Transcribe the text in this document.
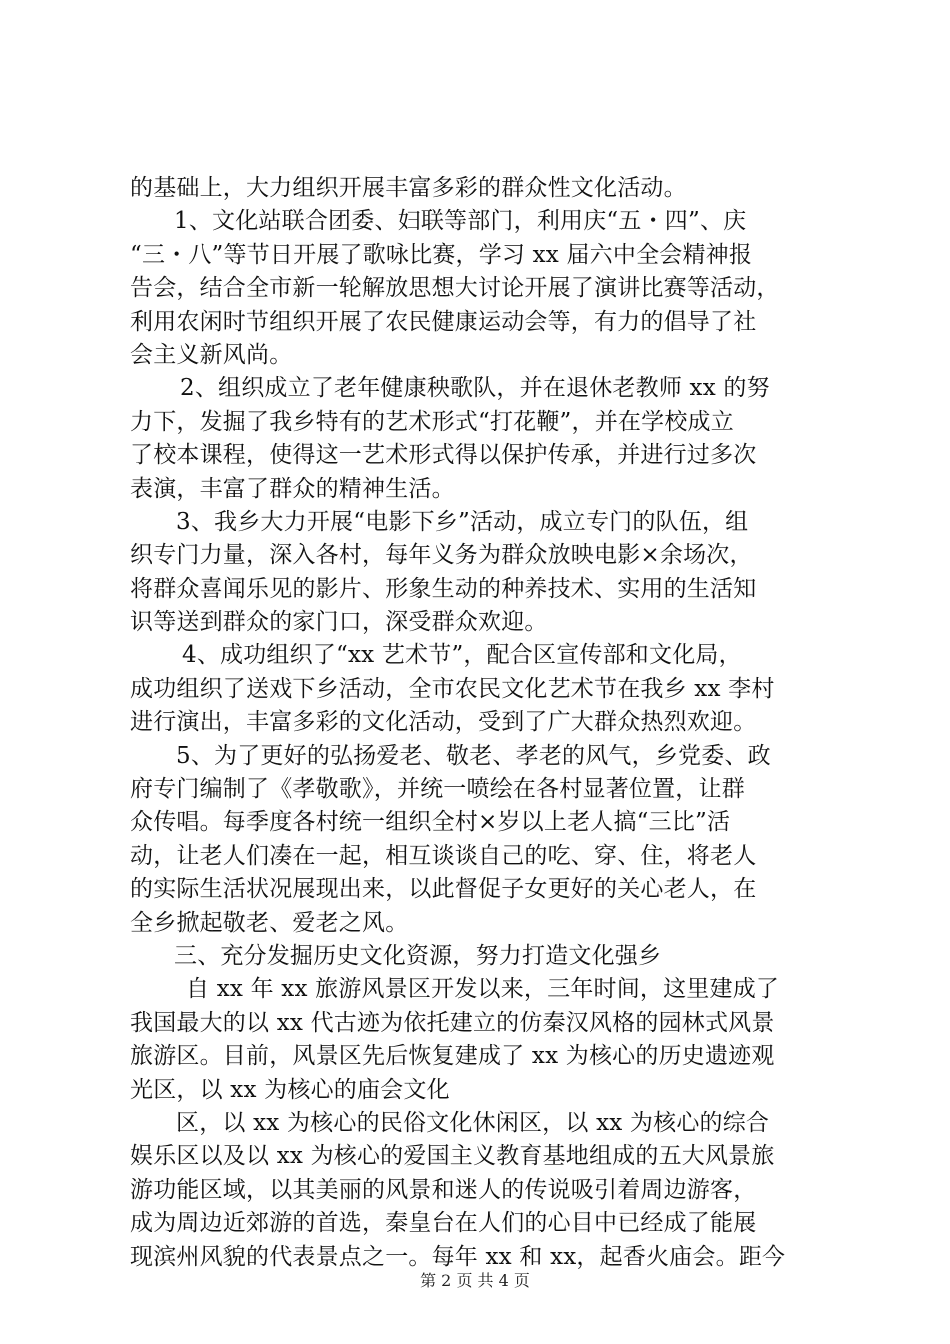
的基础上，大力组织开展丰富多彩的群众性文化活动。
1、文化站联合团委、妇联等部门，利用庆“五・四”、庆
“三・八”等节日开展了歌咏比赛，学习 xx 届六中全会精神报
告会，结合全市新一轮解放思想大讨论开展了演讲比赛等活动，
利用农闲时节组织开展了农民健康运动会等，有力的倡导了社
会主义新风尚。
2、组织成立了老年健康秧歌队，并在退休老教师 xx 的努
力下，发掘了我乡特有的艺术形式“打花鞭”，并在学校成立
了校本课程，使得这一艺术形式得以保护传承，并进行过多次
表演，丰富了群众的精神生活。
3、我乡大力开展“电影下乡”活动，成立专门的队伍，组
织专门力量，深入各村，每年义务为群众放映电影×余场次，
将群众喜闻乐见的影片、形象生动的种养技术、实用的生活知
识等送到群众的家门口，深受群众欢迎。
4、成功组织了“xx 艺术节”，配合区宣传部和文化局，
成功组织了送戏下乡活动，全市农民文化艺术节在我乡 xx 李村
进行演出，丰富多彩的文化活动，受到了广大群众热烈欢迎。
5、为了更好的弘扬爱老、敬老、孝老的风气，乡党委、政
府专门编制了《孝敬歌》，并统一喷绘在各村显著位置，让群
众传唱。每季度各村统一组织全村×岁以上老人搞“三比”活
动，让老人们凑在一起，相互谈谈自己的吃、穿、住，将老人
的实际生活状况展现出来，以此督促子女更好的关心老人，在
全乡掀起敬老、爱老之风。
三、充分发掘历史文化资源，努力打造文化强乡
自 xx 年 xx 旅游风景区开发以来，三年时间，这里建成了
我国最大的以 xx 代古迹为依托建立的仿秦汉风格的园林式风景
旅游区。目前，风景区先后恢复建成了 xx 为核心的历史遗迹观
光区，以 xx 为核心的庙会文化
区，以 xx 为核心的民俗文化休闲区，以 xx 为核心的综合
娱乐区以及以 xx 为核心的爱国主义教育基地组成的五大风景旅
游功能区域，以其美丽的风景和迷人的传说吸引着周边游客，
成为周边近郊游的首选，秦皇台在人们的心目中已经成了能展
现滨州风貌的代表景点之一。每年 xx 和 xx，起香火庙会。距今
第 2 页 共 4 页
